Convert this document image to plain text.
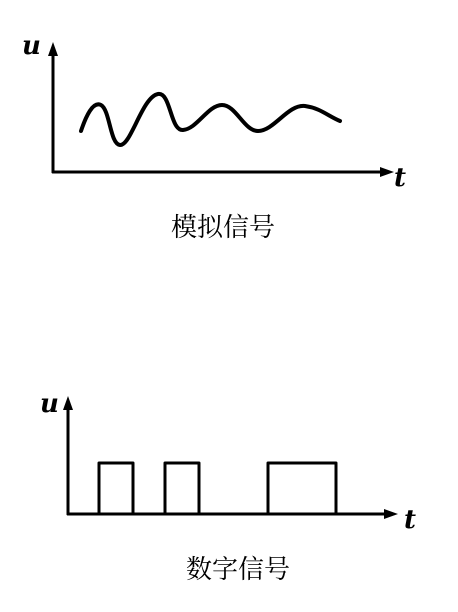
u
t
模拟信号
u
t
数字信号
